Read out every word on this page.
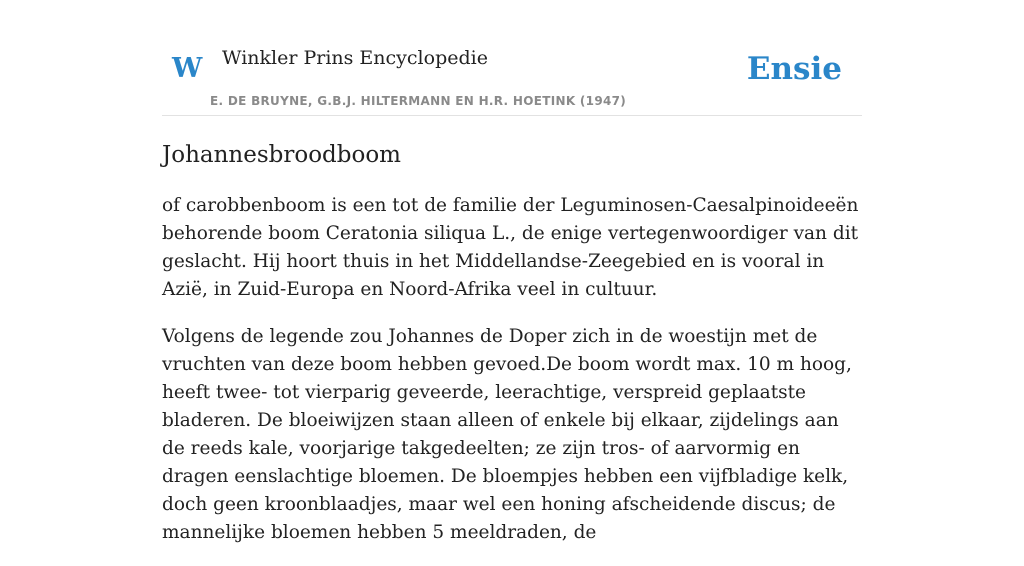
W Winkler Prins Encyclopedie
E. DE BRUYNE, G.B.J. HILTERMANN EN H.R. HOETINK (1947)
Ensie
Johannesbroodboom

of carobbenboom is een tot de familie der Leguminosen-Caesalpinoideeën behorende boom Ceratonia siliqua L., de enige vertegenwoordiger van dit geslacht. Hij hoort thuis in het Middellandse-Zeegebied en is vooral in Azië, in Zuid-Europa en Noord-Afrika veel in cultuur.

Volgens de legende zou Johannes de Doper zich in de woestijn met de vruchten van deze boom hebben gevoed.De boom wordt max. 10 m hoog, heeft twee- tot vierparig geveerde, leerachtige, verspreid geplaatste bladeren. De bloeiwijzen staan alleen of enkele bij elkaar, zijdelings aan de reeds kale, voorjarige takgedeelten; ze zijn tros- of aarvormig en dragen eenslachtige bloemen. De bloempjes hebben een vijfbladige kelk, doch geen kroonblaadjes, maar wel een honing afscheidende discus; de mannelijke bloemen hebben 5 meeldraden, de
